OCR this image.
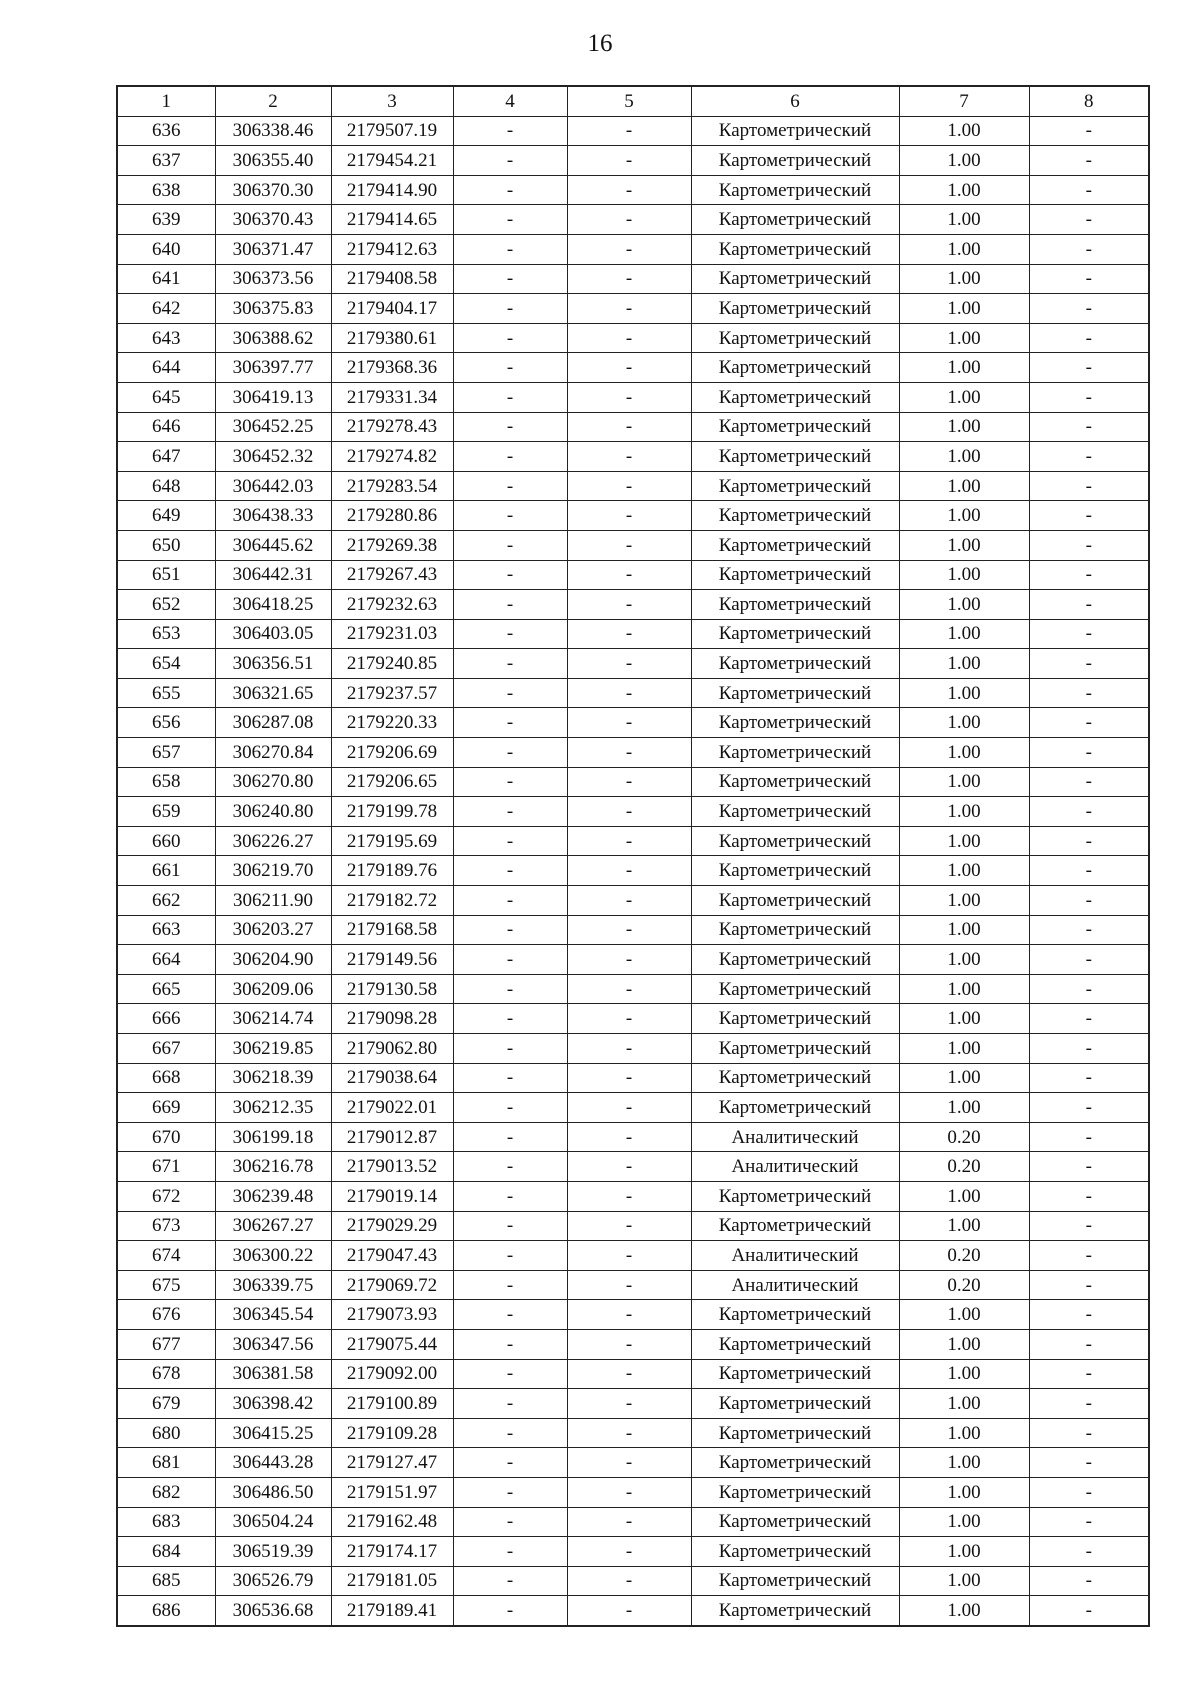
16
1	2	3	4	5	6	7	8
636	306338.46	2179507.19	-	-	Картометрический	1.00	-
637	306355.40	2179454.21	-	-	Картометрический	1.00	-
638	306370.30	2179414.90	-	-	Картометрический	1.00	-
639	306370.43	2179414.65	-	-	Картометрический	1.00	-
640	306371.47	2179412.63	-	-	Картометрический	1.00	-
641	306373.56	2179408.58	-	-	Картометрический	1.00	-
642	306375.83	2179404.17	-	-	Картометрический	1.00	-
643	306388.62	2179380.61	-	-	Картометрический	1.00	-
644	306397.77	2179368.36	-	-	Картометрический	1.00	-
645	306419.13	2179331.34	-	-	Картометрический	1.00	-
646	306452.25	2179278.43	-	-	Картометрический	1.00	-
647	306452.32	2179274.82	-	-	Картометрический	1.00	-
648	306442.03	2179283.54	-	-	Картометрический	1.00	-
649	306438.33	2179280.86	-	-	Картометрический	1.00	-
650	306445.62	2179269.38	-	-	Картометрический	1.00	-
651	306442.31	2179267.43	-	-	Картометрический	1.00	-
652	306418.25	2179232.63	-	-	Картометрический	1.00	-
653	306403.05	2179231.03	-	-	Картометрический	1.00	-
654	306356.51	2179240.85	-	-	Картометрический	1.00	-
655	306321.65	2179237.57	-	-	Картометрический	1.00	-
656	306287.08	2179220.33	-	-	Картометрический	1.00	-
657	306270.84	2179206.69	-	-	Картометрический	1.00	-
658	306270.80	2179206.65	-	-	Картометрический	1.00	-
659	306240.80	2179199.78	-	-	Картометрический	1.00	-
660	306226.27	2179195.69	-	-	Картометрический	1.00	-
661	306219.70	2179189.76	-	-	Картометрический	1.00	-
662	306211.90	2179182.72	-	-	Картометрический	1.00	-
663	306203.27	2179168.58	-	-	Картометрический	1.00	-
664	306204.90	2179149.56	-	-	Картометрический	1.00	-
665	306209.06	2179130.58	-	-	Картометрический	1.00	-
666	306214.74	2179098.28	-	-	Картометрический	1.00	-
667	306219.85	2179062.80	-	-	Картометрический	1.00	-
668	306218.39	2179038.64	-	-	Картометрический	1.00	-
669	306212.35	2179022.01	-	-	Картометрический	1.00	-
670	306199.18	2179012.87	-	-	Аналитический	0.20	-
671	306216.78	2179013.52	-	-	Аналитический	0.20	-
672	306239.48	2179019.14	-	-	Картометрический	1.00	-
673	306267.27	2179029.29	-	-	Картометрический	1.00	-
674	306300.22	2179047.43	-	-	Аналитический	0.20	-
675	306339.75	2179069.72	-	-	Аналитический	0.20	-
676	306345.54	2179073.93	-	-	Картометрический	1.00	-
677	306347.56	2179075.44	-	-	Картометрический	1.00	-
678	306381.58	2179092.00	-	-	Картометрический	1.00	-
679	306398.42	2179100.89	-	-	Картометрический	1.00	-
680	306415.25	2179109.28	-	-	Картометрический	1.00	-
681	306443.28	2179127.47	-	-	Картометрический	1.00	-
682	306486.50	2179151.97	-	-	Картометрический	1.00	-
683	306504.24	2179162.48	-	-	Картометрический	1.00	-
684	306519.39	2179174.17	-	-	Картометрический	1.00	-
685	306526.79	2179181.05	-	-	Картометрический	1.00	-
686	306536.68	2179189.41	-	-	Картометрический	1.00	-
